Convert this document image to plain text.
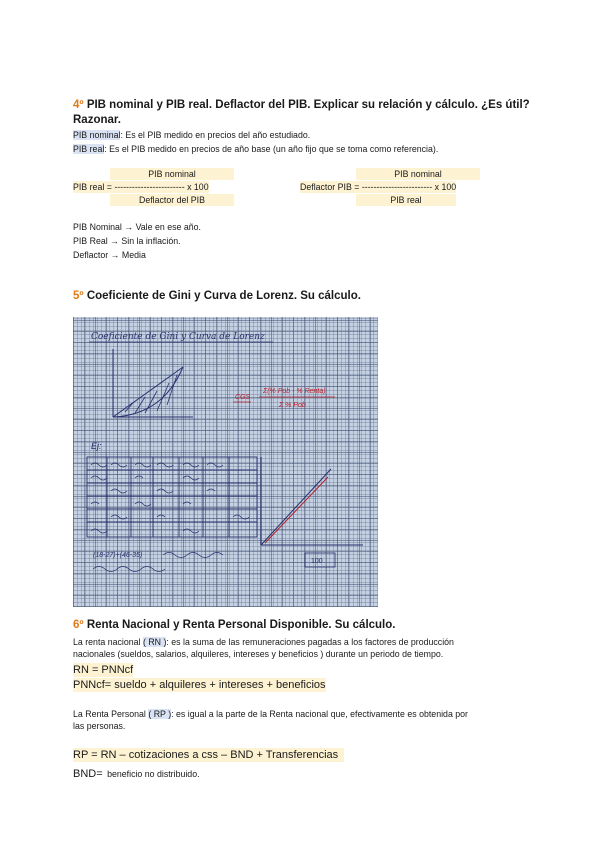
4º PIB nominal y PIB real. Deflactor del PIB. Explicar su relación y cálculo. ¿Es útil?
Razonar.
PIB nominal: Es el PIB medido en precios del año estudiado.
PIB real: Es el PIB medido en precios de año base (un año fijo que se toma como referencia).
PIB nominal
PIB real = ------------------------ x 100
Deflactor del PIB
PIB nominal
Deflactor PIB = ------------------------ x 100
PIB real
PIB Nominal → Vale en ese año.
PIB Real → Sin la inflación.
Deflactor → Media
5º Coeficiente de Gini y Curva de Lorenz. Su cálculo.
Coeficiente de Gini y Curva de Lorenz
CGS
Σ(% Pob - % Renta)
Σ % Pob
Ej:
(18-27)+(46-35)
100
6º Renta Nacional y Renta Personal Disponible. Su cálculo.
La renta nacional ( RN ): es la suma de las remuneraciones pagadas a los factores de producción
nacionales (sueldos, salarios, alquileres, intereses y beneficios ) durante un periodo de tiempo.
RN = PNNcf
PNNcf= sueldo + alquileres + intereses + beneficios
La Renta Personal ( RP ): es igual a la parte de la Renta nacional que, efectivamente es obtenida por
las personas.
RP = RN – cotizaciones a css – BND + Transferencias
BND= beneficio no distribuido.
